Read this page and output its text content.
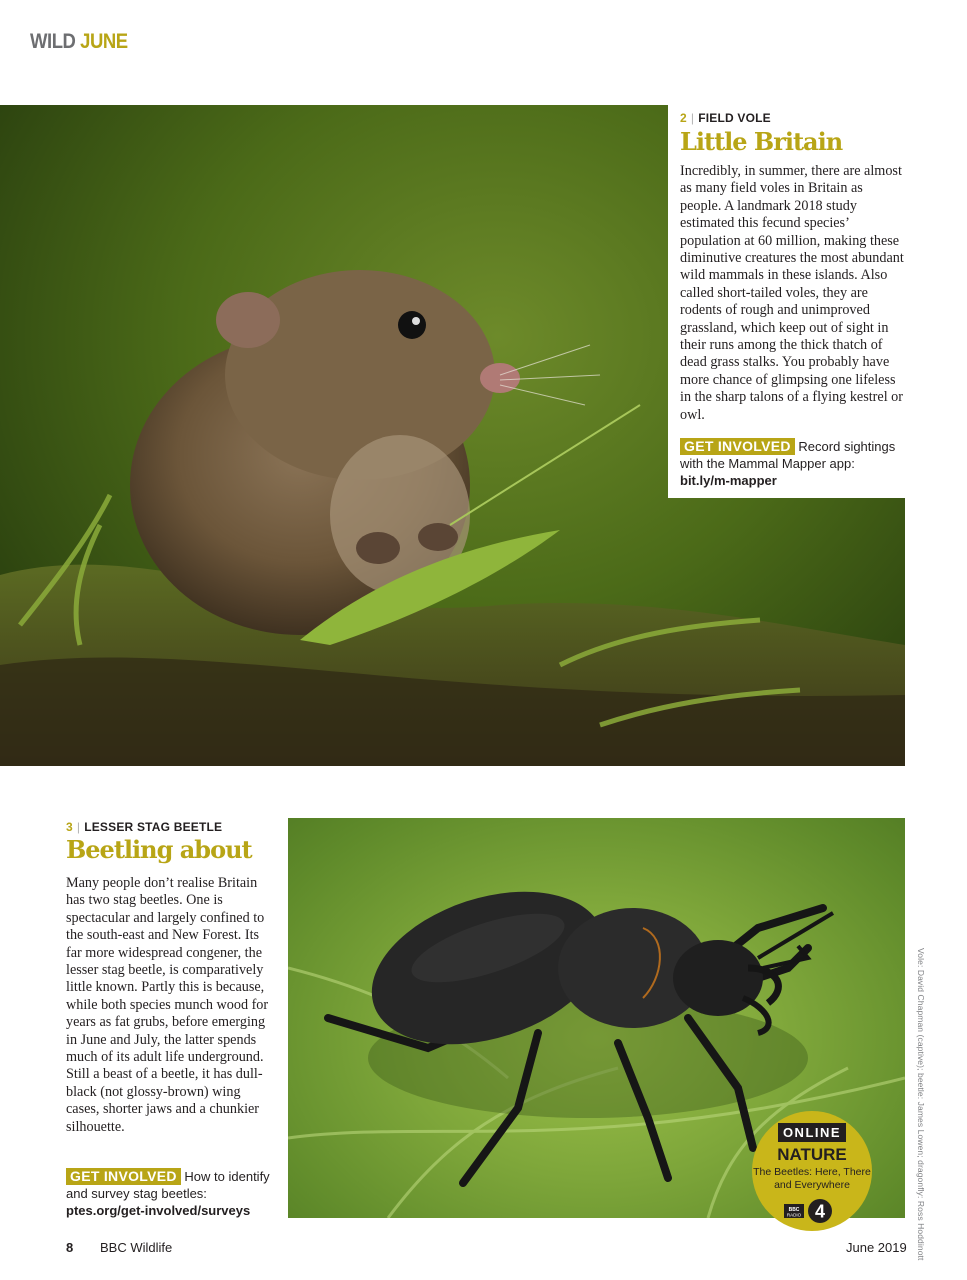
WILD JUNE
2 | FIELD VOLE
Little Britain
Incredibly, in summer, there are almost as many field voles in Britain as people. A landmark 2018 study estimated this fecund species’ population at 60 million, making these diminutive creatures the most abundant wild mammals in these islands. Also called short-tailed voles, they are rodents of rough and unimproved grassland, which keep out of sight in their runs among the thick thatch of dead grass stalks. You probably have more chance of glimpsing one lifeless in the sharp talons of a flying kestrel or owl.
GET INVOLVED Record sightings with the Mammal Mapper app: bit.ly/m-mapper
3 | LESSER STAG BEETLE
Beetling about
Many people don’t realise Britain has two stag beetles. One is spectacular and largely confined to the south-east and New Forest. Its far more widespread congener, the lesser stag beetle, is comparatively little known. Partly this is because, while both species munch wood for years as fat grubs, before emerging in June and July, the latter spends much of its adult life underground. Still a beast of a beetle, it has dull-black (not glossy-brown) wing cases, shorter jaws and a chunkier silhouette.
GET INVOLVED How to identify and survey stag beetles: ptes.org/get-involved/surveys
ONLINE
NATURE
The Beetles: Here, There and Everywhere
BBC
RADIO 4	Vole: David Chapman (captive); beetle: James Lowen; dragonfly: Ross Hoddinott
8 BBC Wildlife	June 2019
